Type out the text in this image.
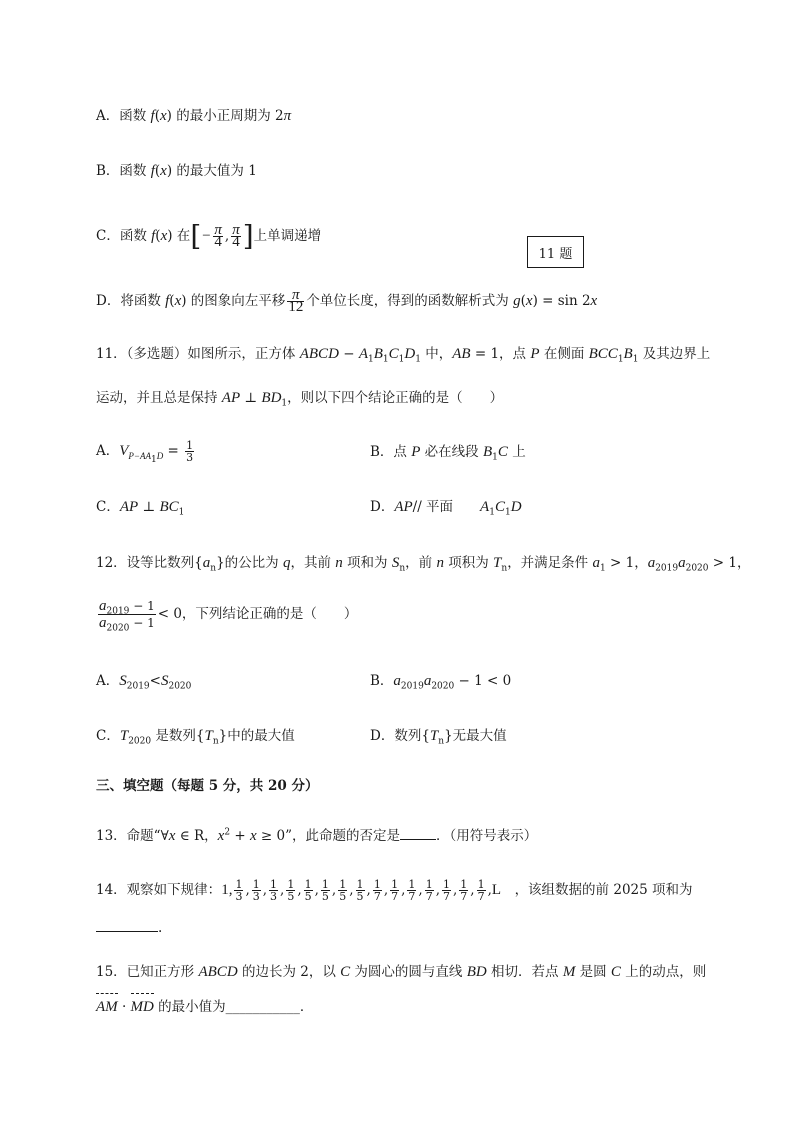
A．函数 f(x) 的最小正周期为 2π
B．函数 f(x) 的最大值为 1
C．函数 f(x) 在[− $\frac{\pi}{4}$ , $\frac{\pi}{4}$ ]上单调递增
11 题
D．将函数 f(x) 的图象向左平移 $\frac{\pi}{12}$ 个单位长度，得到的函数解析式为 g(x) = sin 2x
11．（多选题）如图所示，正方体 ABCD − $A_1B_1C_1D_1$ 中，AB = 1，点 P 在侧面 $BCC_1B_1$ 及其边界上
运动，并且总是保持 AP ⊥ $BD_1$，则以下四个结论正确的是（　　）
A．$V_{P-AA_1D} = \frac{1}{3}$	B．点 P 必在线段 $B_1C$ 上
C．AP ⊥ $BC_1$	D．AP// 平面　　$A_1C_1D$
12．设等比数列$\{a_n\}$的公比为 q，其前 n 项和为 $S_n$，前 n 项积为 $T_n$，并满足条件 $a_1 > 1$，$a_{2019}a_{2020} > 1$，
$\frac{a_{2019} - 1}{a_{2020} - 1} < 0$，下列结论正确的是（　　）
A．$S_{2019}<S_{2020}$	B．$a_{2019}a_{2020} - 1 < 0$
C．$T_{2020}$ 是数列$\{T_n\}$中的最大值	D．数列$\{T_n\}$无最大值
三、填空题（每题 5 分，共 20 分）
13．命题“∀x ∈ R，$x^2 + x \ge 0$”，此命题的否定是	．（用符号表示）
14．观察如下规律：1, $\frac{1}{3}$ , $\frac{1}{3}$ , $\frac{1}{3}$ , $\frac{1}{5}$ , $\frac{1}{5}$ , $\frac{1}{5}$ , $\frac{1}{5}$ , $\frac{1}{5}$ , $\frac{1}{7}$ , $\frac{1}{7}$ , $\frac{1}{7}$ , $\frac{1}{7}$ , $\frac{1}{7}$ , $\frac{1}{7}$ , $\frac{1}{7} ,L$　 ，该组数据的前 2025 项和为
.
15．已知正方形 ABCD 的边长为 2，以 C 为圆心的圆与直线 BD 相切．若点 M 是圆 C 上的动点，则
AM · MD 的最小值为___________．
